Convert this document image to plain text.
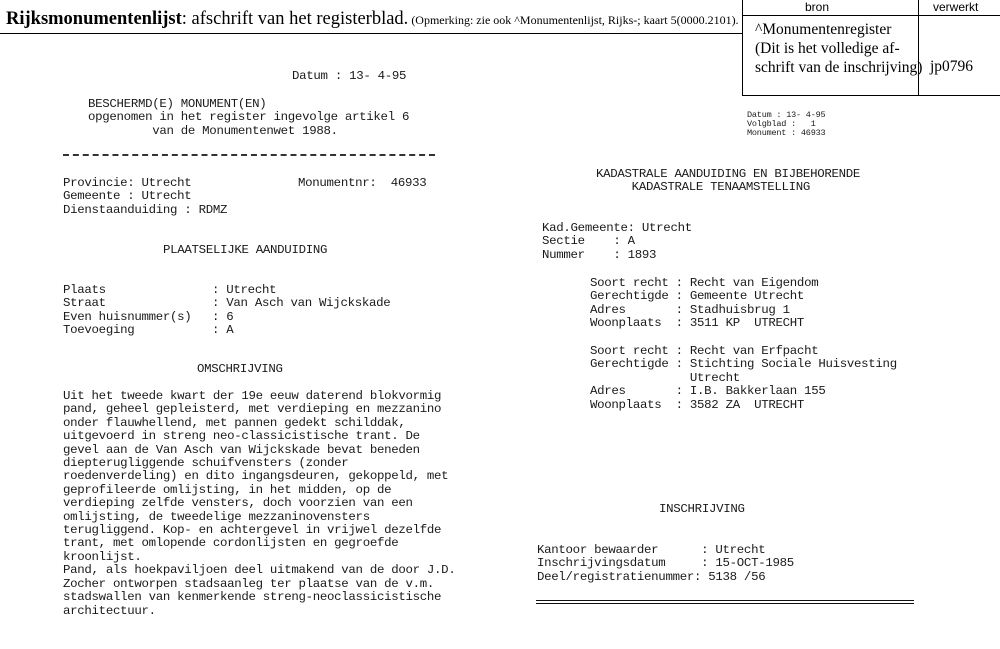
Rijksmonumentenlijst: afschrift van het registerblad. (Opmerking: zie ook ^Monumentenlijst, Rijks-; kaart 5(0000.2101).
bron	verwerkt
^Monumentenregister
(Dit is het volledige af-
schrift van de inschrijving) jp0796
Datum : 13- 4-95
BESCHERMD(E) MONUMENT(EN)
opgenomen in het register ingevolge artikel 6
van de Monumentenwet 1988.
Provincie: Utrecht
Gemeente : Utrecht
Dienstaanduiding : RDMZ
Monumentnr:  46933
PLAATSELIJKE AANDUIDING
Plaats
Straat
Even huisnummer(s)
Toevoeging
: Utrecht
: Van Asch van Wijckskade
: 6
: A
OMSCHRIJVING
Uit het tweede kwart der 19e eeuw daterend blokvormig
pand, geheel gepleisterd, met verdieping en mezzanino
onder flauwhellend, met pannen gedekt schilddak,
uitgevoerd in streng neo-classicistische trant. De
gevel aan de Van Asch van Wijckskade bevat beneden
diepterugliggende schuifvensters (zonder
roedenverdeling) en dito ingangsdeuren, gekoppeld, met
geprofileerde omlijsting, in het midden, op de
verdieping zelfde vensters, doch voorzien van een
omlijsting, de tweedelige mezzaninovensters
terugliggend. Kop- en achtergevel in vrijwel dezelfde
trant, met omlopende cordonlijsten en gegroefde
kroonlijst.
Pand, als hoekpaviljoen deel uitmakend van de door J.D.
Zocher ontworpen stadsaanleg ter plaatse van de v.m.
stadswallen van kenmerkende streng-neoclassicistische
architectuur.
Datum : 13- 4-95
Volgblad :   1
Monument : 46933
KADASTRALE AANDUIDING EN BIJBEHORENDE
KADASTRALE TENAAMSTELLING
Kad.Gemeente: Utrecht
Sectie    : A
Nummer    : 1893
Soort recht : Recht van Eigendom
Gerechtigde : Gemeente Utrecht
Adres       : Stadhuisbrug 1
Woonplaats  : 3511 KP  UTRECHT
Soort recht : Recht van Erfpacht
Gerechtigde : Stichting Sociale Huisvesting
Utrecht
Adres       : I.B. Bakkerlaan 155
Woonplaats  : 3582 ZA  UTRECHT
INSCHRIJVING
Kantoor bewaarder      : Utrecht
Inschrijvingsdatum     : 15-OCT-1985
Deel/registratienummer: 5138 /56
